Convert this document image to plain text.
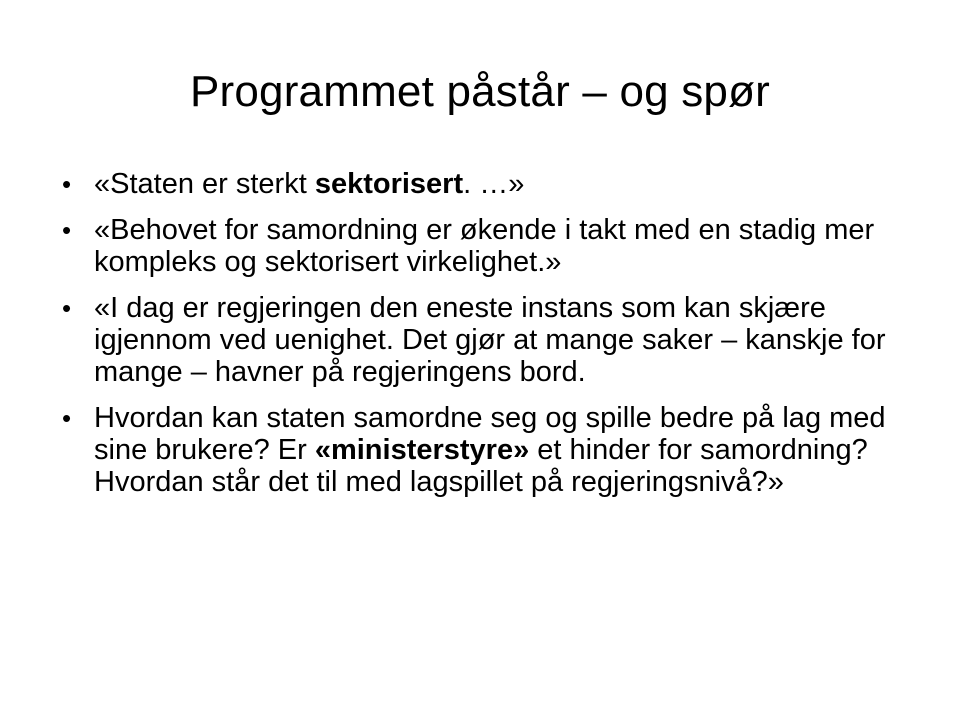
Programmet påstår – og spør
• «Staten er sterkt sektorisert. …»
• «Behovet for samordning er økende i takt med en stadig mer kompleks og sektorisert virkelighet.»
• «I dag er regjeringen den eneste instans som kan skjære igjennom ved uenighet. Det gjør at mange saker – kanskje for mange – havner på regjeringens bord.
• Hvordan kan staten samordne seg og spille bedre på lag med sine brukere? Er «ministerstyre» et hinder for samordning? Hvordan står det til med lagspillet på regjeringsnivå?»
